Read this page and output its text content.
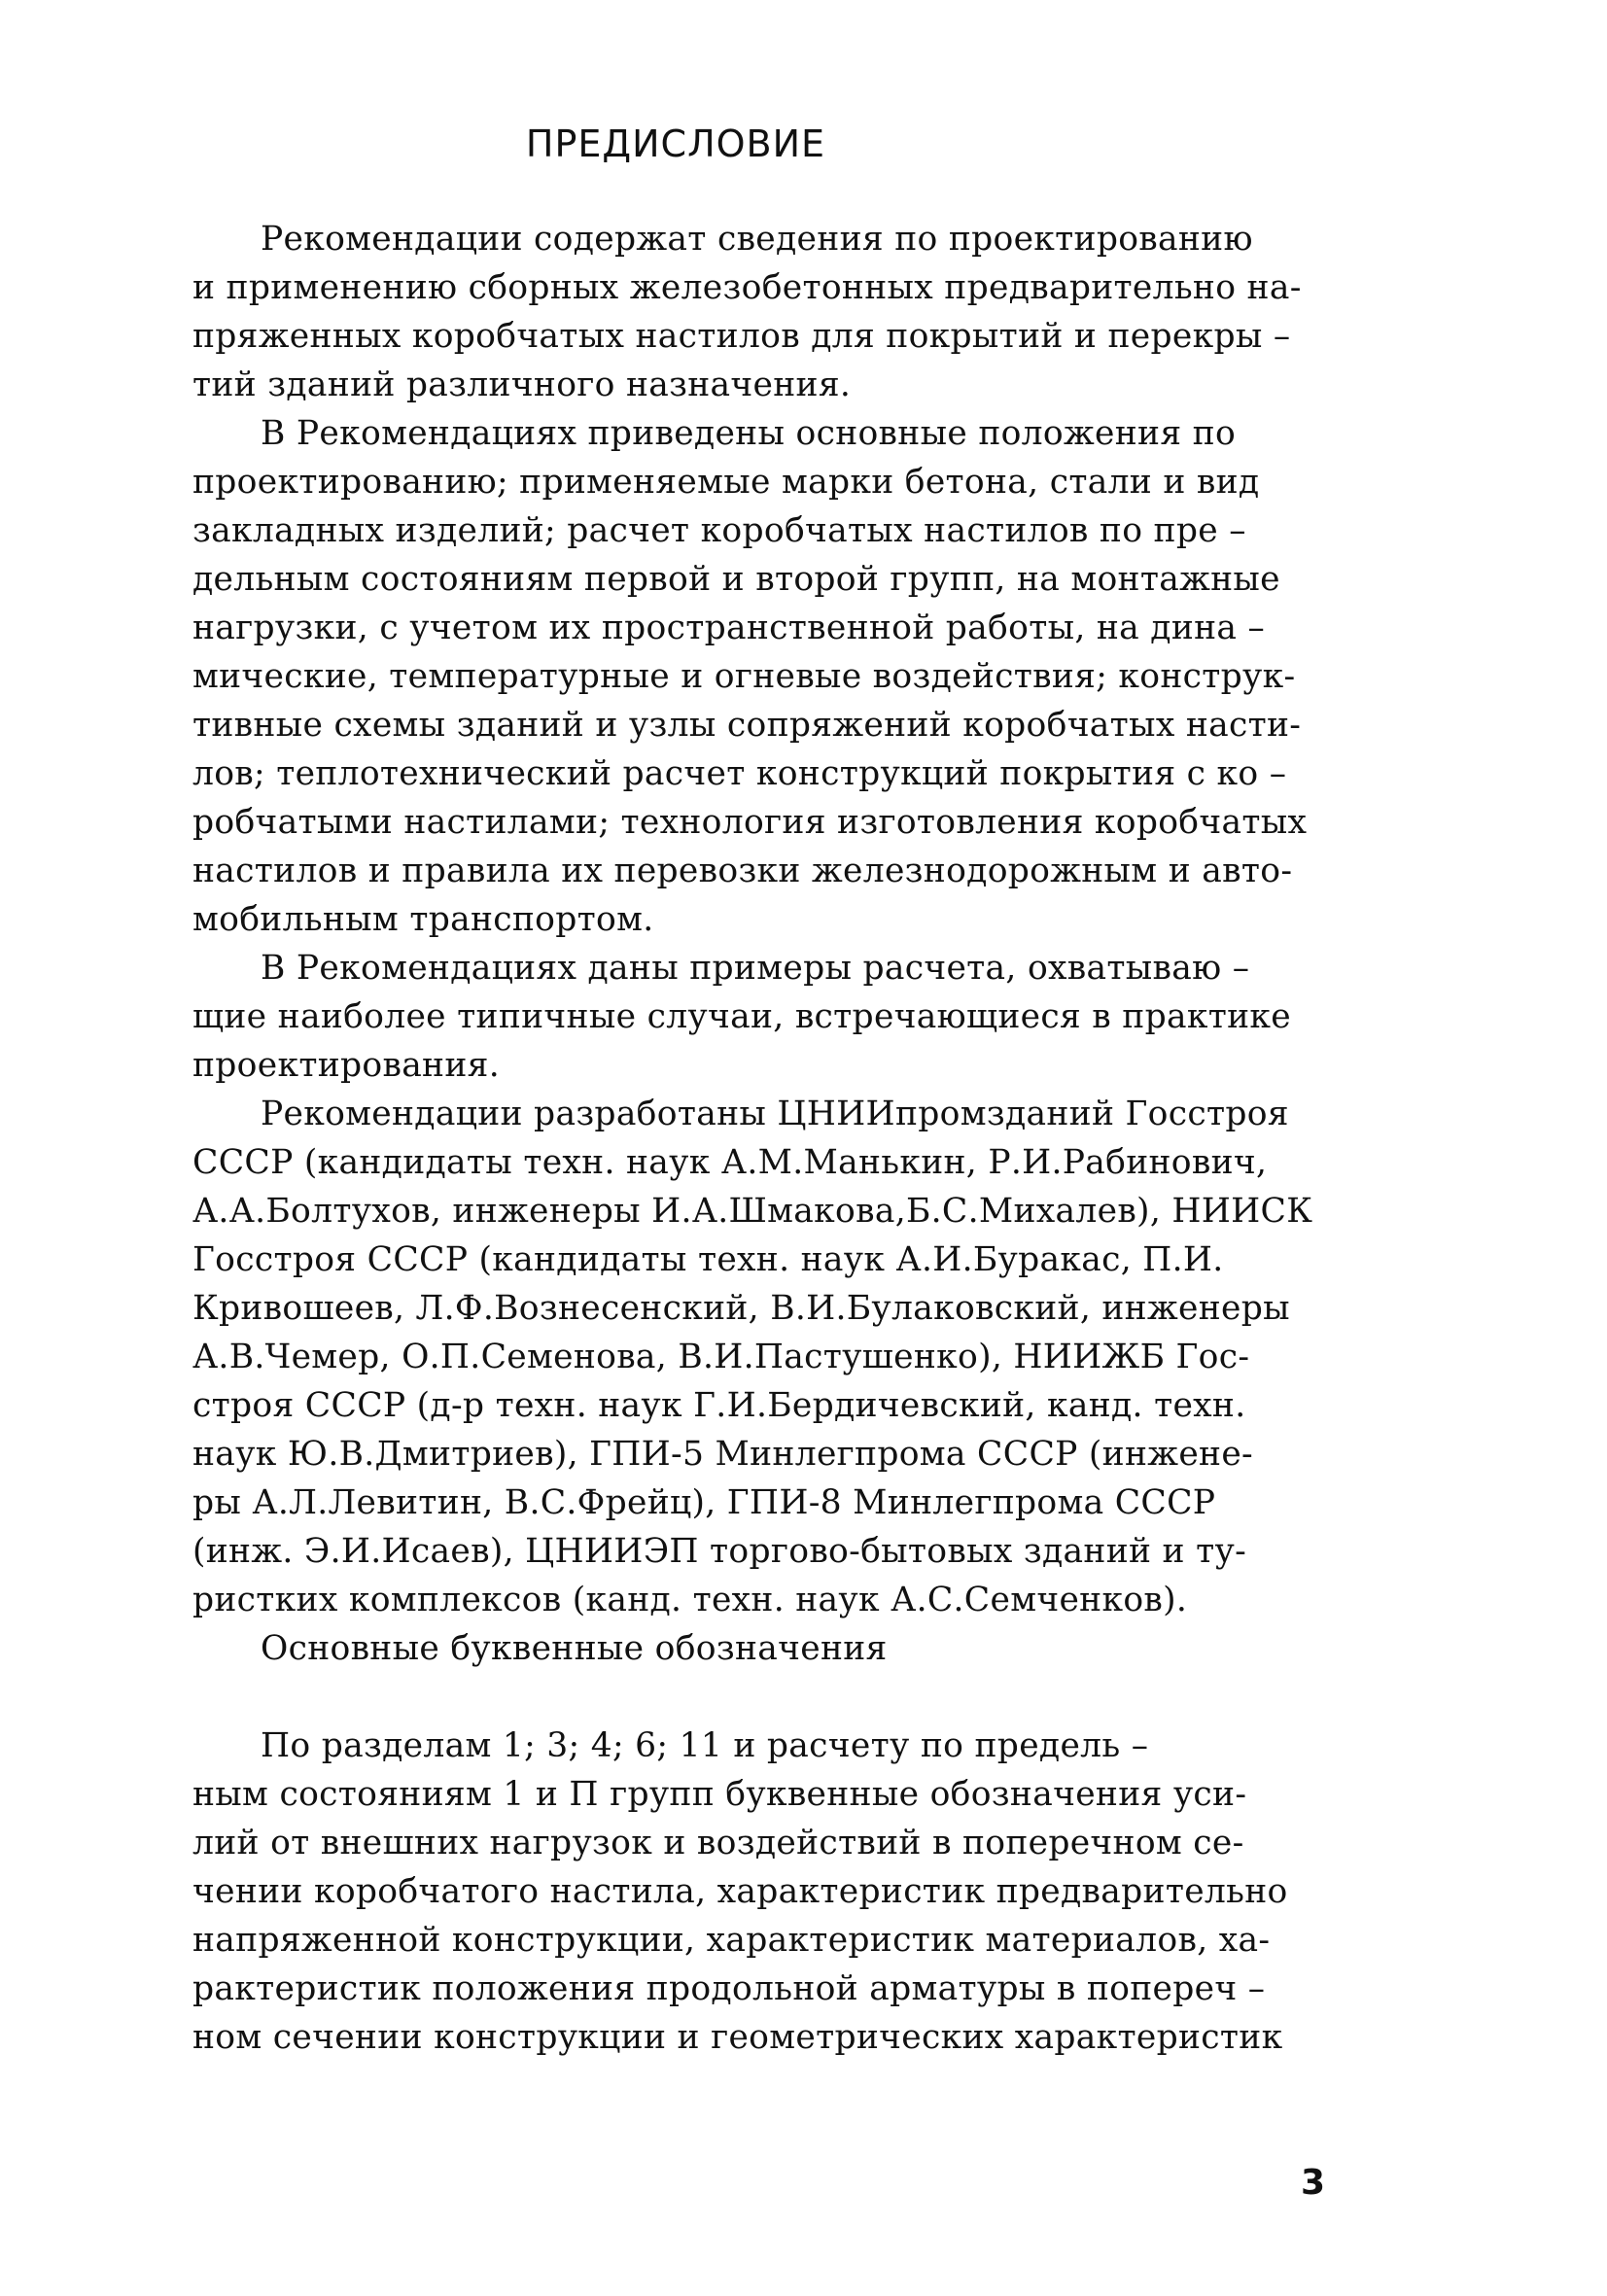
ПРЕДИСЛОВИЕ
Рекомендации содержат сведения по проектированию
и применению сборных железобетонных предварительно на-
пряженных коробчатых настилов для покрытий и перекры –
тий зданий различного назначения.
В Рекомендациях приведены основные положения по
проектированию; применяемые марки бетона, стали и вид
закладных изделий; расчет коробчатых настилов по пре –
дельным состояниям первой и второй групп, на монтажные
нагрузки, с учетом их пространственной работы, на дина –
мические, температурные и огневые воздействия; конструк-
тивные схемы зданий и узлы сопряжений коробчатых насти-
лов; теплотехнический расчет конструкций покрытия с ко –
робчатыми настилами; технология изготовления коробчатых
настилов и правила их перевозки железнодорожным и авто-
мобильным транспортом.
В Рекомендациях даны примеры расчета, охватываю –
щие наиболее типичные случаи, встречающиеся в практике
проектирования.
Рекомендации разработаны ЦНИИпромзданий Госстроя
СССР (кандидаты техн. наук А.М.Манькин, Р.И.Рабинович,
А.А.Болтухов, инженеры И.А.Шмакова,Б.С.Михалев), НИИСК
Госстроя СССР (кандидаты техн. наук А.И.Буракас, П.И.
Кривошеев, Л.Ф.Вознесенский, В.И.Булаковский, инженеры
А.В.Чемер, О.П.Семенова, В.И.Пастушенко), НИИЖБ Гос-
строя СССР (д-р техн. наук Г.И.Бердичевский, канд. техн.
наук Ю.В.Дмитриев), ГПИ-5 Минлегпрома СССР (инжене-
ры А.Л.Левитин, В.С.Фрейц), ГПИ-8 Минлегпрома СССР
(инж. Э.И.Исаев), ЦНИИЭП торгово-бытовых зданий и ту-
ристких комплексов (канд. техн. наук А.С.Семченков).
Основные буквенные обозначения
По разделам 1; 3; 4; 6; 11 и расчету по предель –
ным состояниям 1 и П групп буквенные обозначения уси-
лий от внешних нагрузок и воздействий в поперечном се-
чении коробчатого настила, характеристик предварительно
напряженной конструкции, характеристик материалов, ха-
рактеристик положения продольной арматуры в попереч –
ном сечении конструкции и геометрических характеристик
3
